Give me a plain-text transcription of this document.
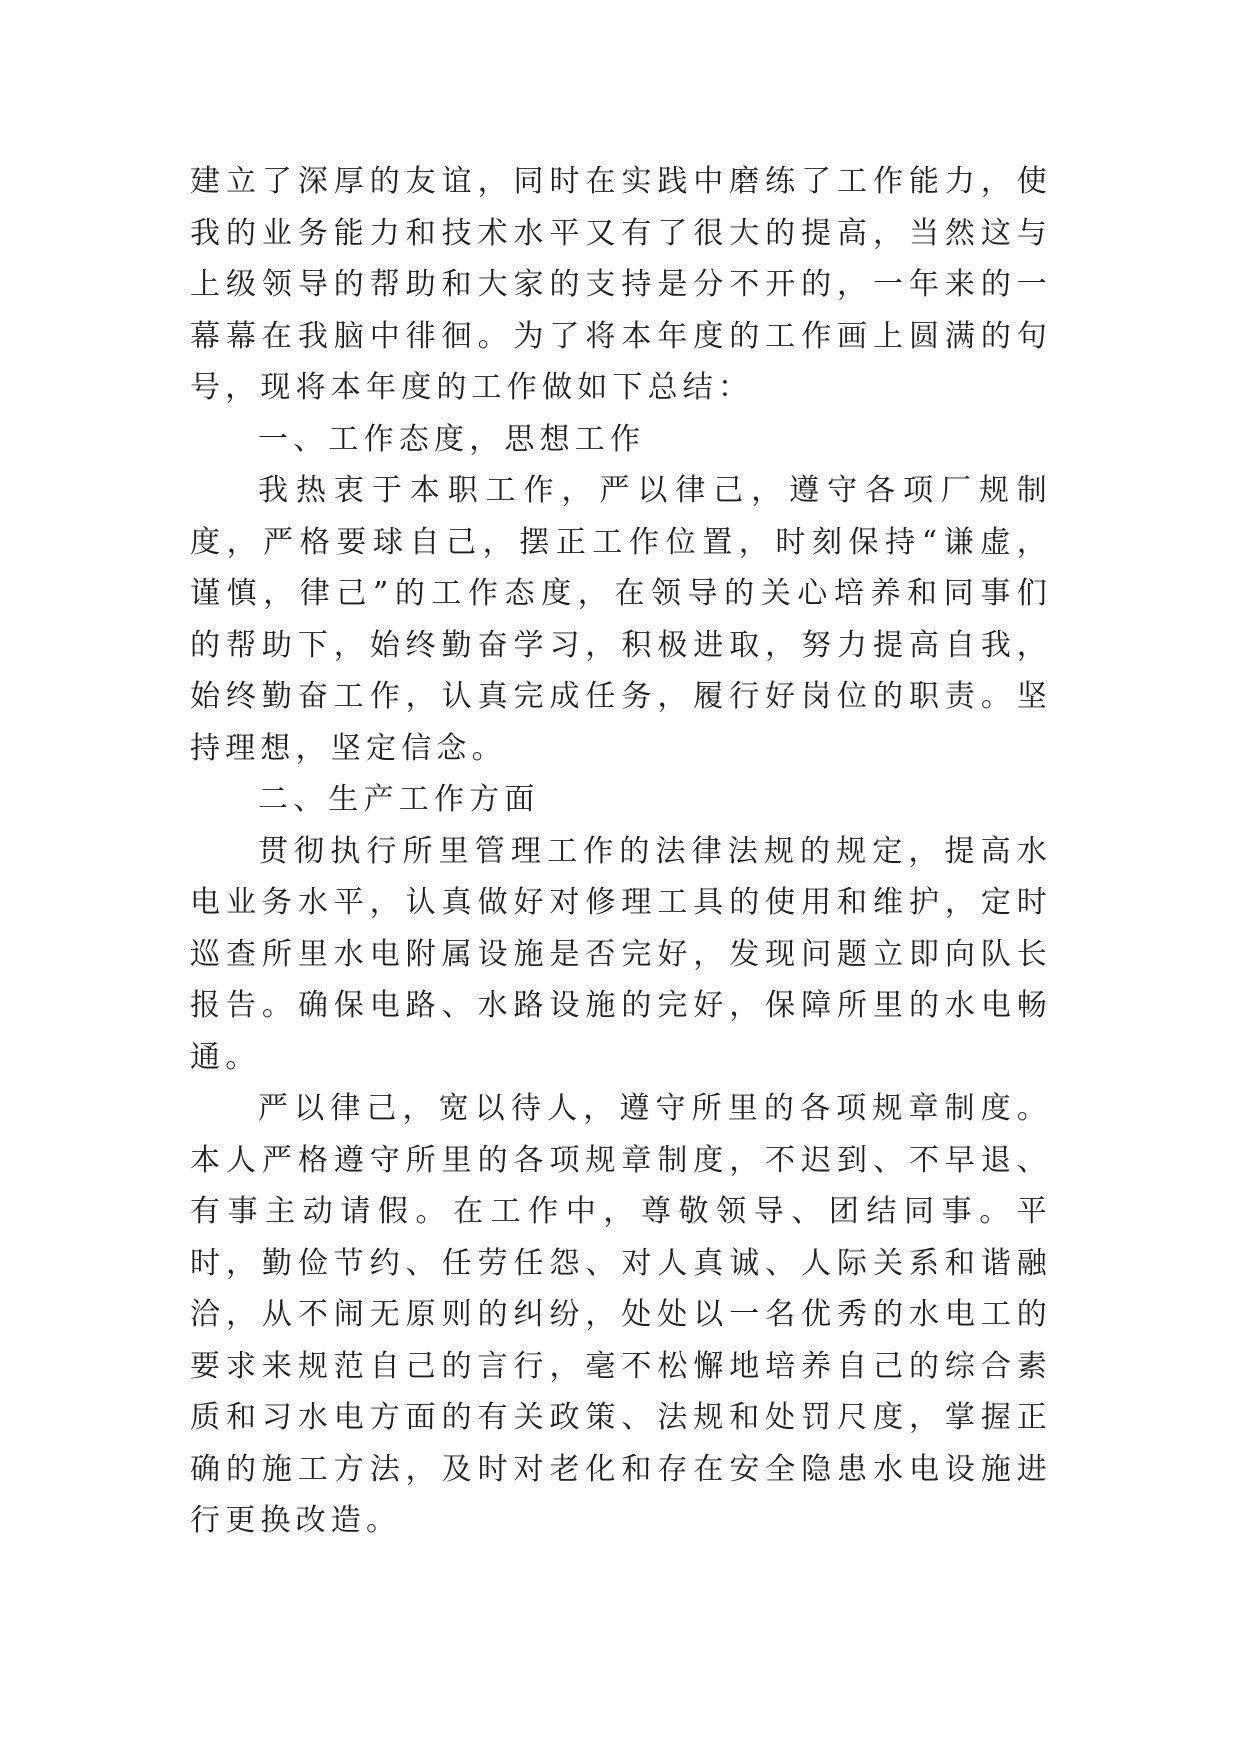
建立了深厚的友谊，同时在实践中磨练了工作能力，使我的业务能力和技术水平又有了很大的提高，当然这与上级领导的帮助和大家的支持是分不开的，一年来的一幕幕在我脑中徘徊。为了将本年度的工作画上圆满的句号，现将本年度的工作做如下总结：

一、工作态度，思想工作

我热衷于本职工作，严以律己，遵守各项厂规制度，严格要球自己，摆正工作位置，时刻保持“谦虚，谨慎，律己”的工作态度，在领导的关心培养和同事们的帮助下，始终勤奋学习，积极进取，努力提高自我，始终勤奋工作，认真完成任务，履行好岗位的职责。坚持理想，坚定信念。

二、生产工作方面

贯彻执行所里管理工作的法律法规的规定，提高水电业务水平，认真做好对修理工具的使用和维护，定时巡查所里水电附属设施是否完好，发现问题立即向队长报告。确保电路、水路设施的完好，保障所里的水电畅通。

严以律己，宽以待人，遵守所里的各项规章制度。本人严格遵守所里的各项规章制度，不迟到、不早退、有事主动请假。在工作中，尊敬领导、团结同事。平时，勤俭节约、任劳任怨、对人真诚、人际关系和谐融洽，从不闹无原则的纠纷，处处以一名优秀的水电工的要求来规范自己的言行，毫不松懈地培养自己的综合素质和习水电方面的有关政策、法规和处罚尺度，掌握正确的施工方法，及时对老化和存在安全隐患水电设施进行更换改造。
